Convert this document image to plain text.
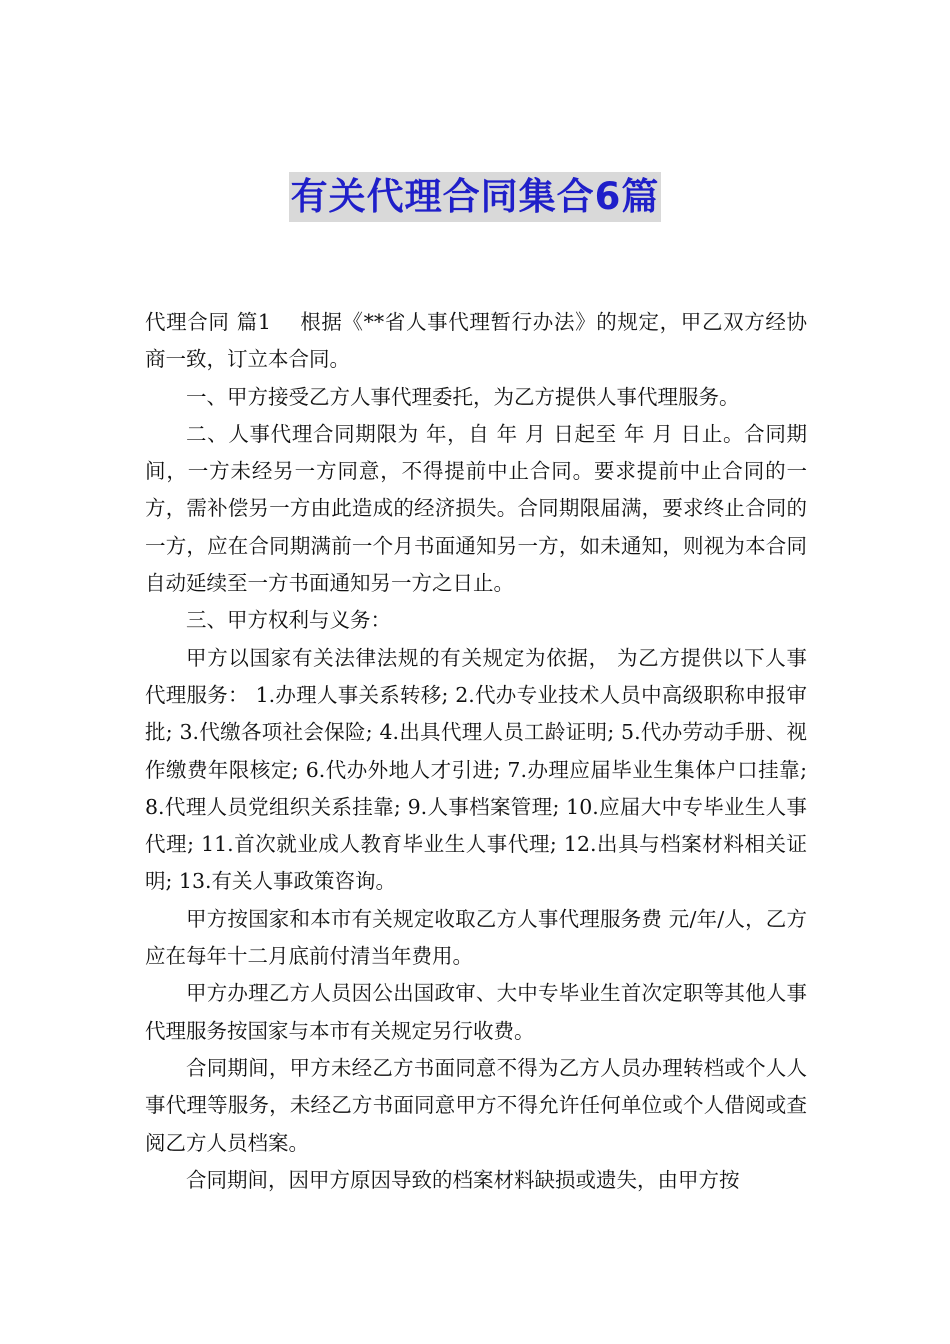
有关代理合同集合6篇

代理合同 篇1 根据《**省人事代理暂行办法》的规定，甲乙双方经协商一致，订立本合同。

一、甲方接受乙方人事代理委托，为乙方提供人事代理服务。

二、人事代理合同期限为 年，自 年 月 日起至 年 月 日止。合同期间，一方未经另一方同意，不得提前中止合同。要求提前中止合同的一方，需补偿另一方由此造成的经济损失。合同期限届满，要求终止合同的一方，应在合同期满前一个月书面通知另一方，如未通知，则视为本合同自动延续至一方书面通知另一方之日止。

三、甲方权利与义务：

甲方以国家有关法律法规的有关规定为依据， 为乙方提供以下人事代理服务： 1.办理人事关系转移; 2.代办专业技术人员中高级职称申报审批; 3.代缴各项社会保险; 4.出具代理人员工龄证明; 5.代办劳动手册、视作缴费年限核定; 6.代办外地人才引进; 7.办理应届毕业生集体户口挂靠; 8.代理人员党组织关系挂靠; 9.人事档案管理; 10.应届大中专毕业生人事代理; 11.首次就业成人教育毕业生人事代理; 12.出具与档案材料相关证明; 13.有关人事政策咨询。

甲方按国家和本市有关规定收取乙方人事代理服务费 元/年/人，乙方应在每年十二月底前付清当年费用。

甲方办理乙方人员因公出国政审、大中专毕业生首次定职等其他人事代理服务按国家与本市有关规定另行收费。

合同期间，甲方未经乙方书面同意不得为乙方人员办理转档或个人人事代理等服务，未经乙方书面同意甲方不得允许任何单位或个人借阅或查阅乙方人员档案。

合同期间，因甲方原因导致的档案材料缺损或遗失，由甲方按
